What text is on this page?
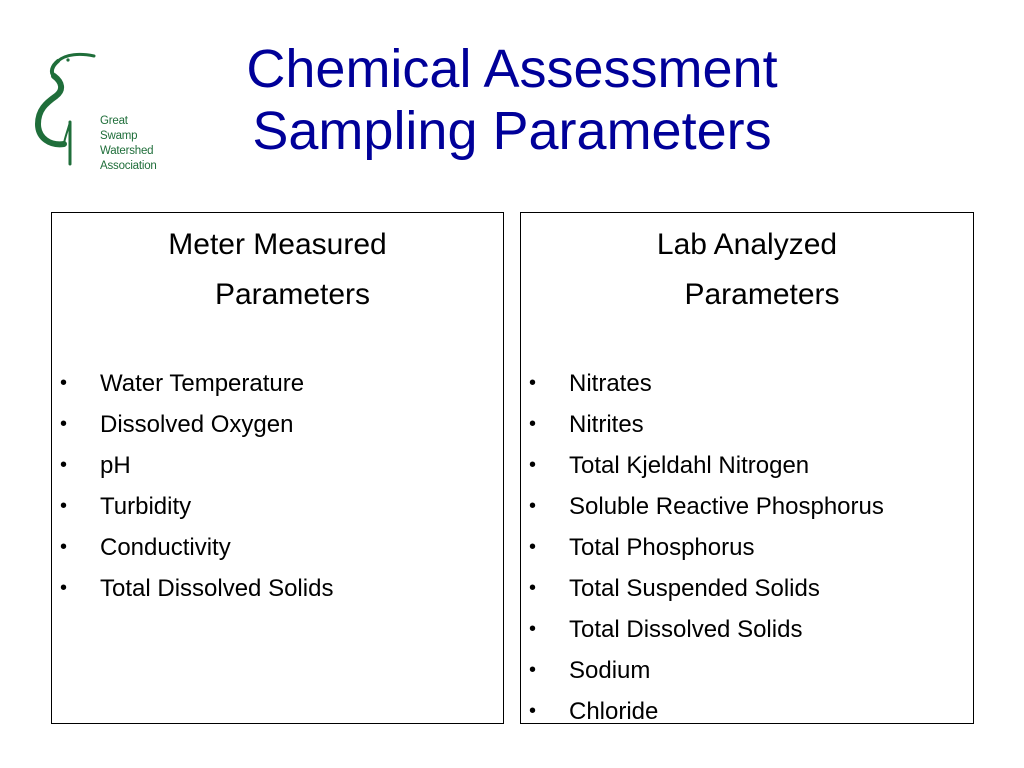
Great Swamp
Watershed
Association
Chemical Assessment
Sampling Parameters
Meter Measured
Parameters
• Water Temperature
• Dissolved Oxygen
• pH
• Turbidity
• Conductivity
• Total Dissolved Solids
Lab Analyzed
Parameters
• Nitrates
• Nitrites
• Total Kjeldahl Nitrogen
• Soluble Reactive Phosphorus
• Total Phosphorus
• Total Suspended Solids
• Total Dissolved Solids
• Sodium
• Chloride
